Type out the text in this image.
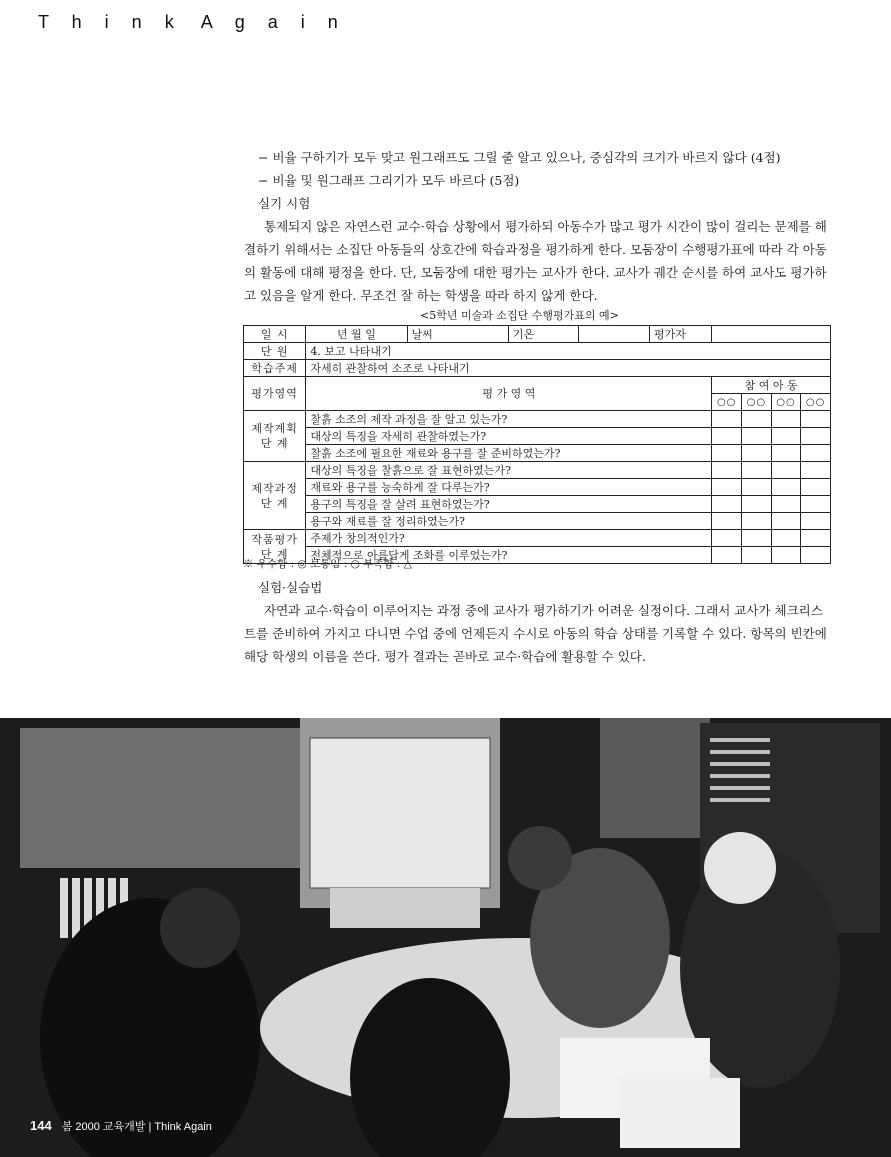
T h i n k A g a i n

− 비율 구하기가 모두 맞고 원그래프도 그릴 줄 알고 있으나, 중심각의 크기가 바르지 않다 (4점)

− 비율 및 원그래프 그리기가 모두 바르다 (5점)

실기 시험

통제되지 않은 자연스런 교수·학습 상황에서 평가하되 아동수가 많고 평가 시간이 많이 걸리는 문제를 해결하기 위해서는 소집단 아동들의 상호간에 학습과정을 평가하게 한다. 모둠장이 수행평가표에 따라 각 아동의 활동에 대해 평정을 한다. 단, 모둠장에 대한 평가는 교사가 한다. 교사가 궤간 순시를 하여 교사도 평가하고 있음을 알게 한다. 무조건 잘 하는 학생을 따라 하지 않게 한다.

<5학년 미술과 소집단 수행평가표의 예>
일 시	년 월 일	날씨	기온		평가자				
단 원	4. 보고 나타내기								
학습주제	자세히 관찰하여 소조로 나타내기								
평가영역	평 가 영 역					참 여 아 동			
						○○	○○	○○	○○
제작계획 단 계	찰흙 소조의 제작 과정을 잘 알고 있는가?								
	대상의 특징을 자세히 관찰하였는가?								
	찰흙 소조에 필요한 재료와 용구를 잘 준비하였는가?								
제작과정 단 계	대상의 특징을 찰흙으로 잘 표현하였는가?								
	재료와 용구를 능숙하게 잘 다루는가?								
	용구의 특징을 잘 살려 표현하였는가?								
	용구와 재료를 잘 정리하였는가?								
작품평가 단 계	주제가 창의적인가?								
	전체적으로 아름답게 조화를 이루었는가?								
※ 우수함 : ◎ 보통임 : ○ 부족함 : △

실험·실습법

자연과 교수·학습이 이루어지는 과정 중에 교사가 평가하기가 어려운 실정이다. 그래서 교사가 체크리스트를 준비하여 가지고 다니면 수업 중에 언제든지 수시로 아동의 학습 상태를 기록할 수 있다. 항목의 빈칸에 해당 학생의 이름을 쓴다. 평가 결과는 곧바로 교수·학습에 활용할 수 있다.

144 봄 2000 교육개발 | Think Again
